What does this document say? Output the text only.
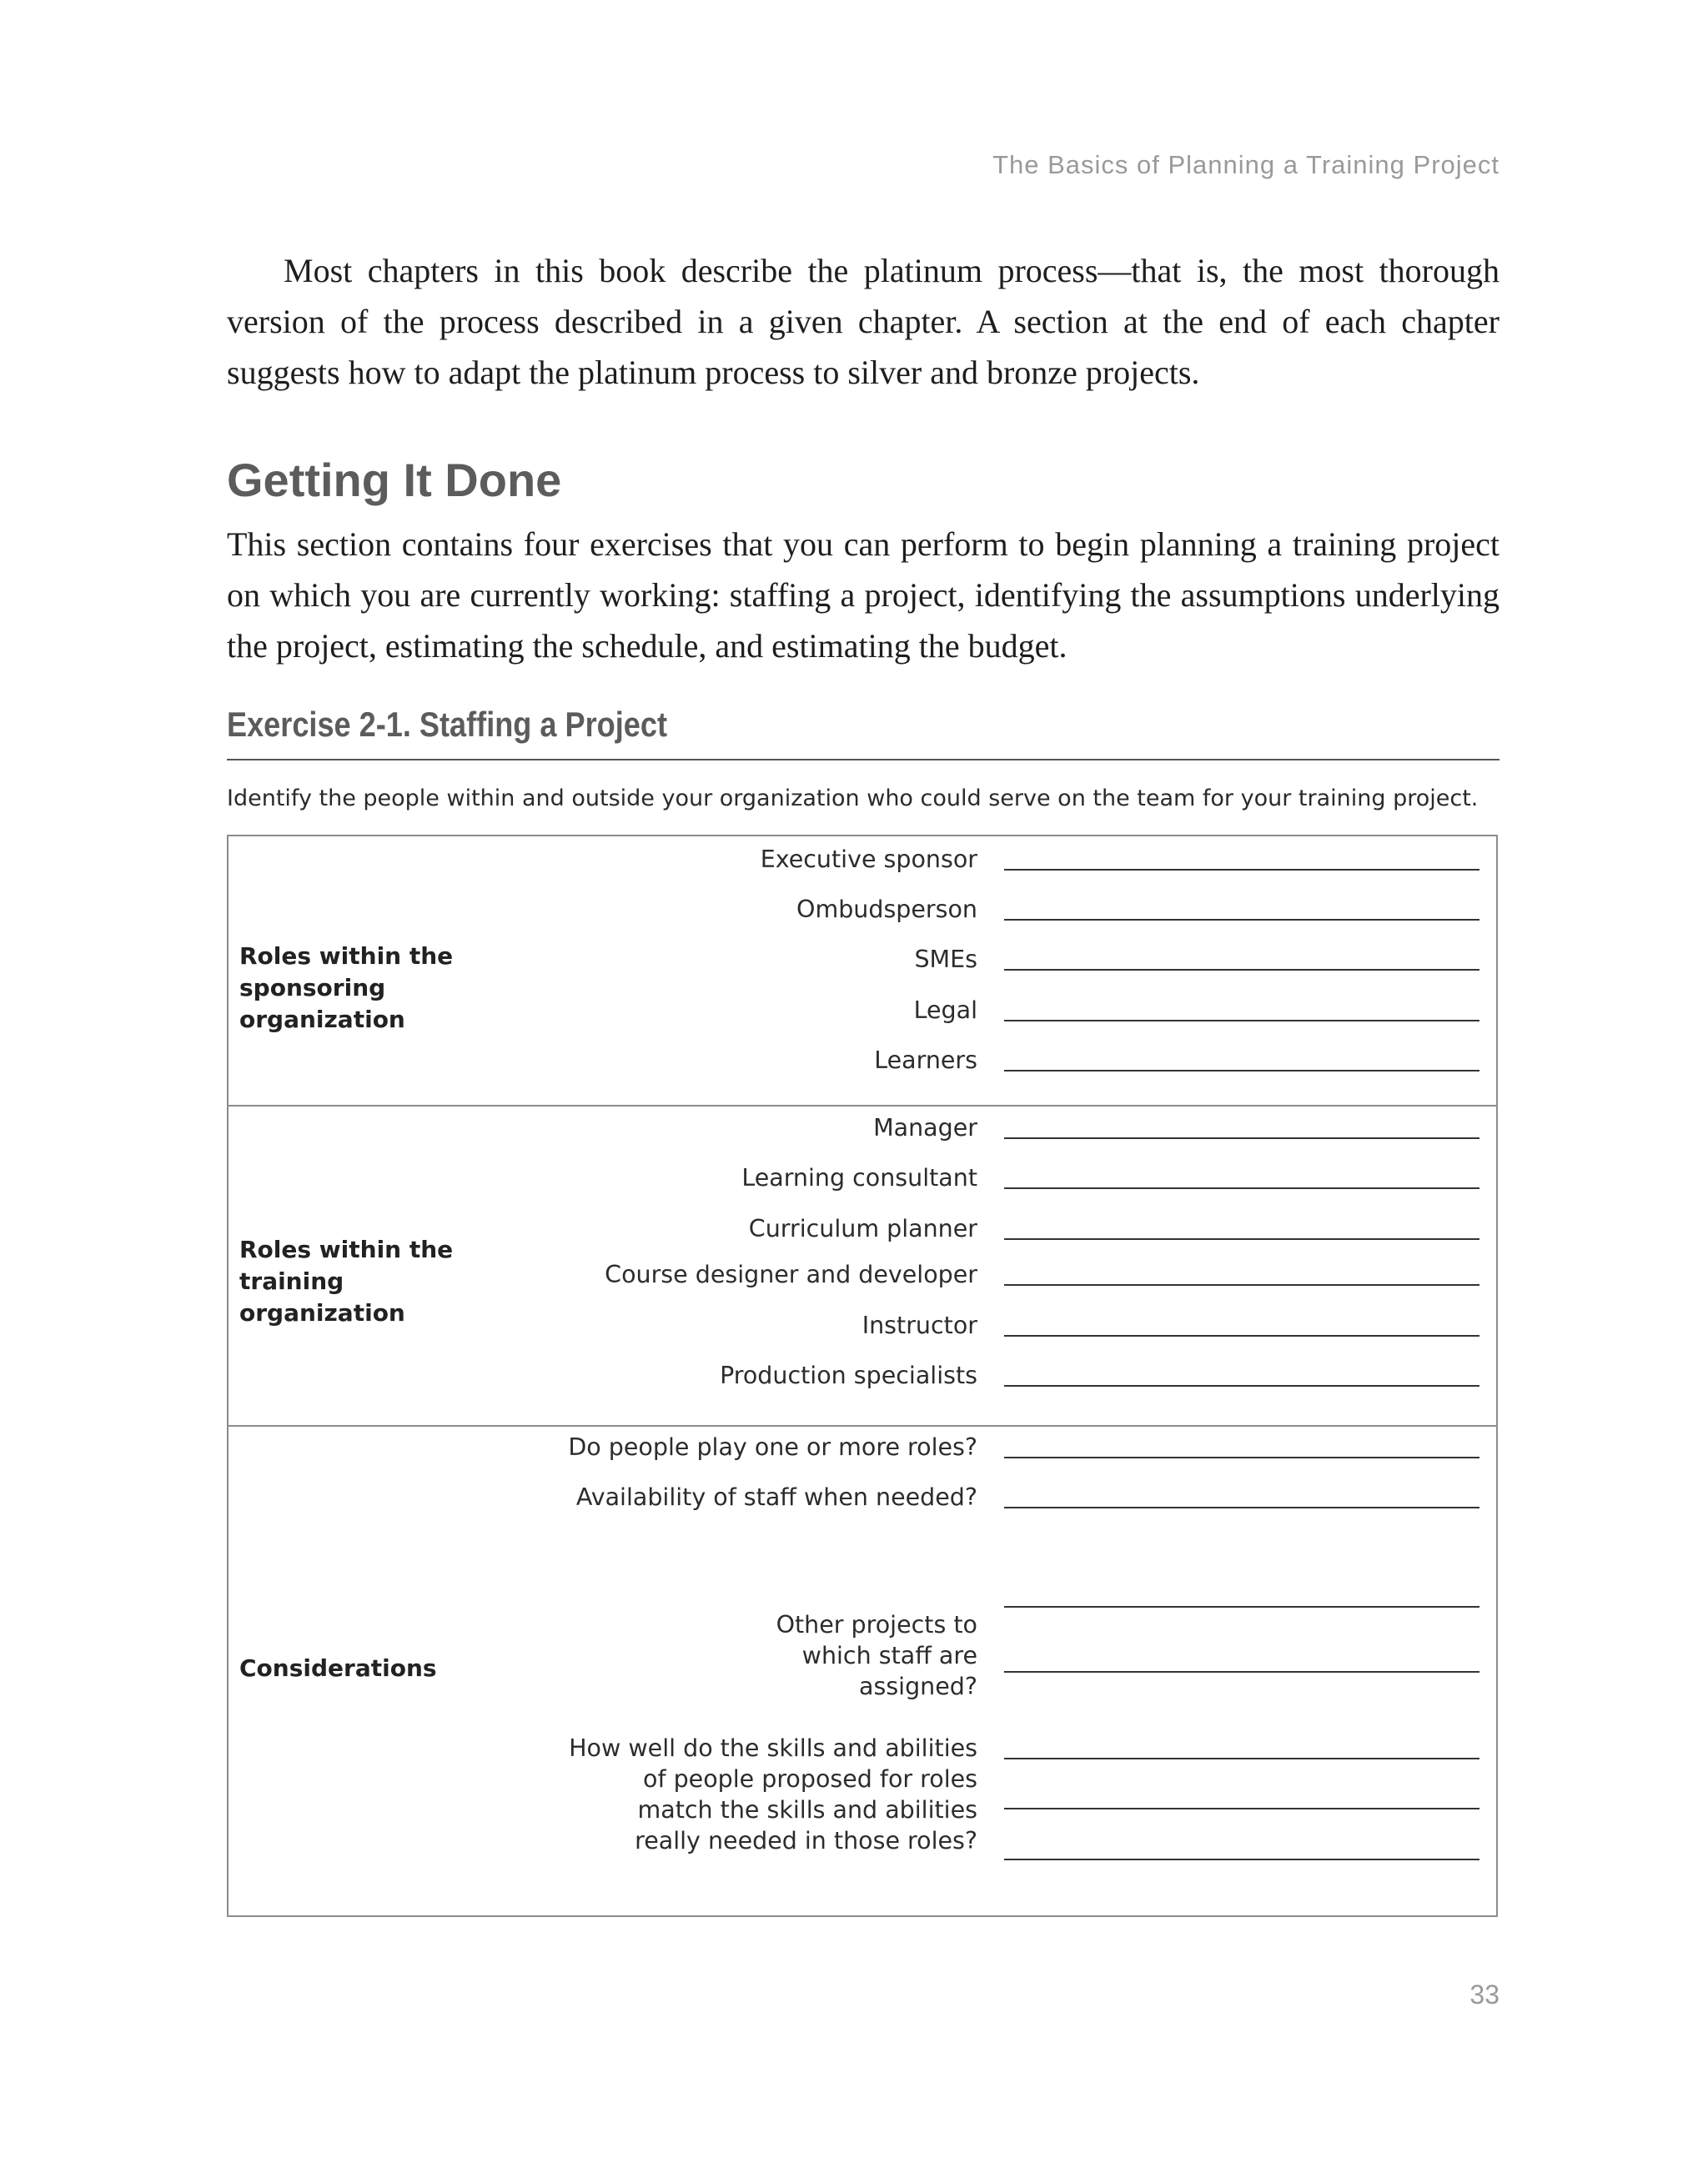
The Basics of Planning a Training Project

Most chapters in this book describe the platinum process—that is, the most thorough version of the process described in a given chapter. A section at the end of each chapter suggests how to adapt the platinum process to silver and bronze projects.

Getting It Done

This section contains four exercises that you can perform to begin planning a training project on which you are currently working: staffing a project, identifying the assumptions underlying the project, estimating the schedule, and estimating the budget.

Exercise 2-1. Staffing a Project
Identify the people within and outside your organization who could serve on the team for your training project.
Roles within the sponsoring organization
Executive sponsor
Ombudsperson
SMEs
Legal
Learners
Roles within the training organization
Manager
Learning consultant
Curriculum planner
Course designer and developer
Instructor
Production specialists
Considerations
Do people play one or more roles?
Availability of staff when needed?
Other projects to which staff are assigned?
How well do the skills and abilities of people proposed for roles match the skills and abilities really needed in those roles?
33
